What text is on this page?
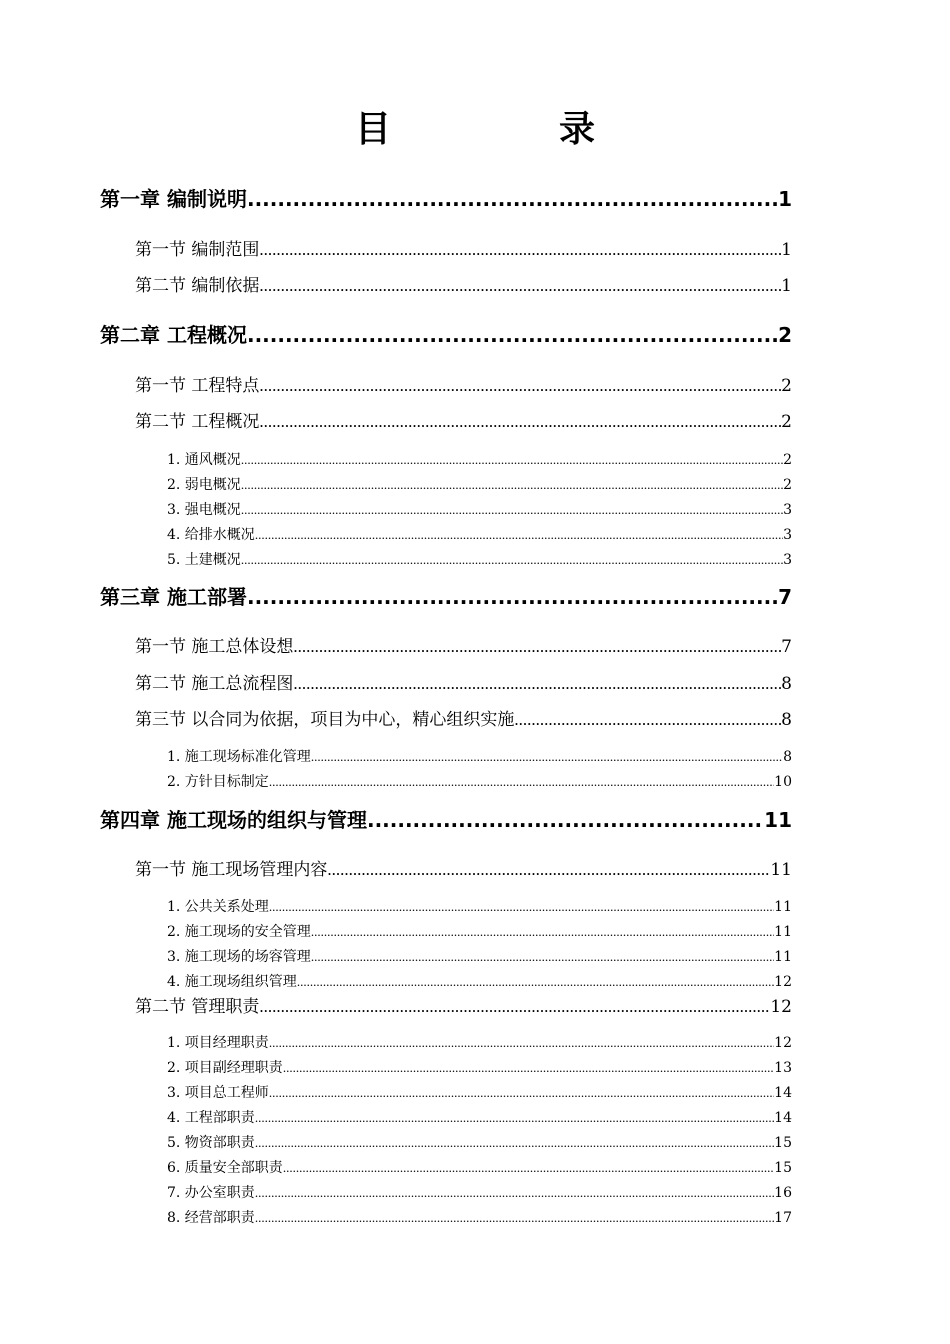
目　录
第一章 编制说明 .....	1
第一节 编制范围 .....	1
第二节 编制依据 .....	1
第二章 工程概况 .....	2
第一节 工程特点 .....	2
第二节 工程概况 .....	2
1. 通风概况 .....	2
2. 弱电概况 .....	2
3. 强电概况 .....	3
4. 给排水概况 .....	3
5. 土建概况 .....	3
第三章 施工部署 .....	7
第一节 施工总体设想 .....	7
第二节 施工总流程图 .....	8
第三节 以合同为依据，项目为中心，精心组织实施 .....	8
1. 施工现场标准化管理 .....	8
2. 方针目标制定 .....	10
第四章 施工现场的组织与管理 .....	11
第一节 施工现场管理内容 .....	11
1. 公共关系处理 .....	11
2. 施工现场的安全管理 .....	11
3. 施工现场的场容管理 .....	11
4. 施工现场组织管理 .....	12
第二节 管理职责 .....	12
1. 项目经理职责 .....	12
2. 项目副经理职责 .....	13
3. 项目总工程师 .....	14
4. 工程部职责 .....	14
5. 物资部职责 .....	15
6. 质量安全部职责 .....	15
7. 办公室职责 .....	16
8. 经营部职责 .....	17
